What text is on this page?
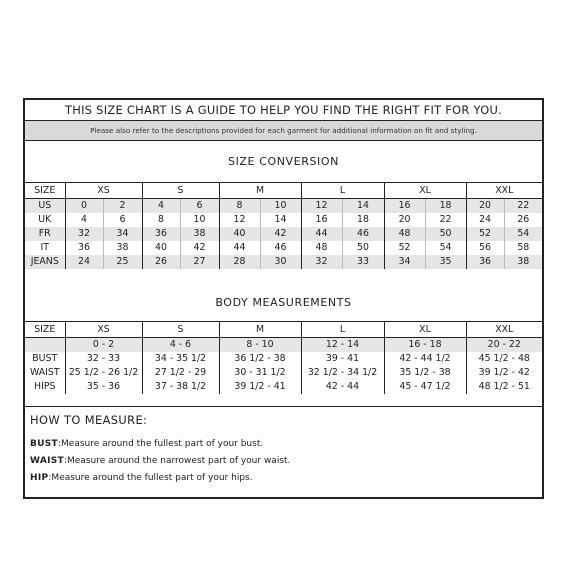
THIS SIZE CHART IS A GUIDE TO HELP YOU FIND THE RIGHT FIT FOR YOU.
Please also refer to the descriptions provided for each garment for additional information on fit and styling.
SIZE CONVERSION
SIZE	XS		S		M		L		XL		XXL	
US	0	2	4	6	8	10	12	14	16	18	20	22
UK	4	6	8	10	12	14	16	18	20	22	24	26
FR	32	34	36	38	40	42	44	46	48	50	52	54
IT	36	38	40	42	44	46	48	50	52	54	56	58
JEANS	24	25	26	27	28	30	32	33	34	35	36	38
BODY MEASUREMENTS
SIZE	XS	S	M	L	XL	XXL
	0 - 2	4 - 6	8 - 10	12 - 14	16 - 18	20 - 22
BUST	32 - 33	34 - 35 1/2	36 1/2 - 38	39 - 41	42 - 44 1/2	45 1/2 - 48
WAIST	25 1/2 - 26 1/2	27 1/2 - 29	30 - 31 1/2	32 1/2 - 34 1/2	35 1/2 - 38	39 1/2 - 42
HIPS	35 - 36	37 - 38 1/2	39 1/2 - 41	42 - 44	45 - 47 1/2	48 1/2 - 51
HOW TO MEASURE:
BUST:Measure around the fullest part of your bust.
WAIST:Measure around the narrowest part of your waist.
HIP:Measure around the fullest part of your hips.
